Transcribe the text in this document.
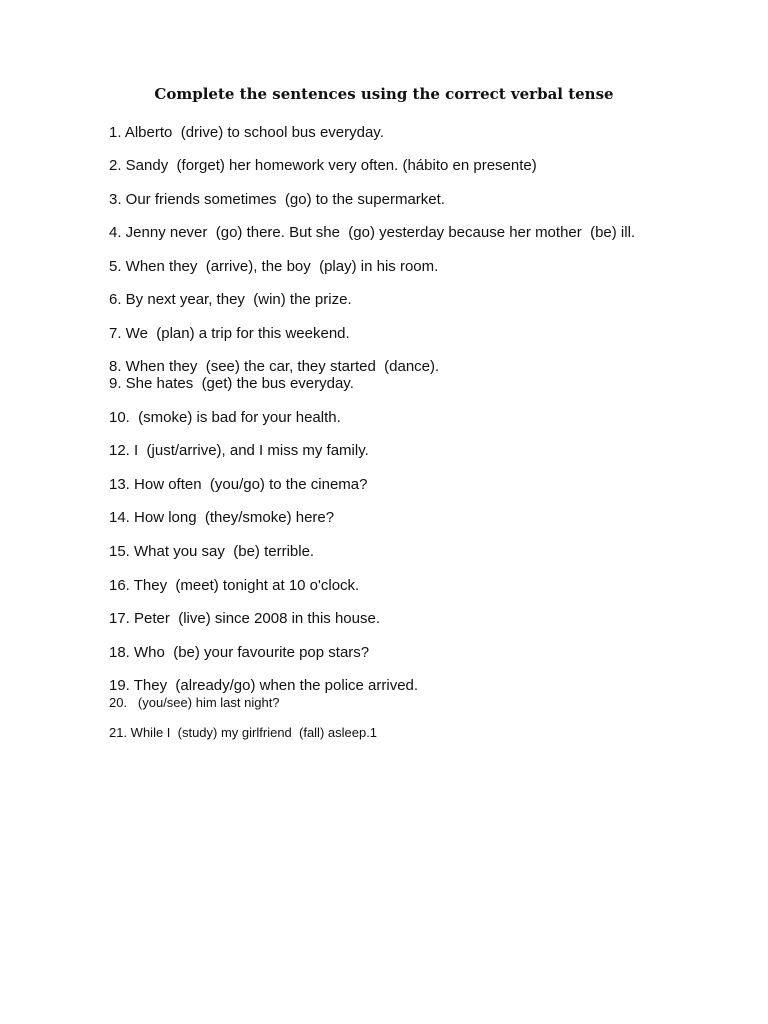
Complete the sentences using the correct verbal tense

1. Alberto  (drive) to school bus everyday.

2. Sandy  (forget) her homework very often. (hábito en presente)

3. Our friends sometimes  (go) to the supermarket.

4. Jenny never  (go) there. But she  (go) yesterday because her mother  (be) ill.

5. When they  (arrive), the boy  (play) in his room.

6. By next year, they  (win) the prize.

7. We  (plan) a trip for this weekend.

8. When they  (see) the car, they started  (dance).

9. She hates  (get) the bus everyday.

10.  (smoke) is bad for your health.

12. I  (just/arrive), and I miss my family.

13. How often  (you/go) to the cinema?

14. How long  (they/smoke) here?

15. What you say  (be) terrible.

16. They  (meet) tonight at 10 o'clock.

17. Peter  (live) since 2008 in this house.

18. Who  (be) your favourite pop stars?

19. They  (already/go) when the police arrived.

20.   (you/see) him last night?

21. While I  (study) my girlfriend  (fall) asleep.1
